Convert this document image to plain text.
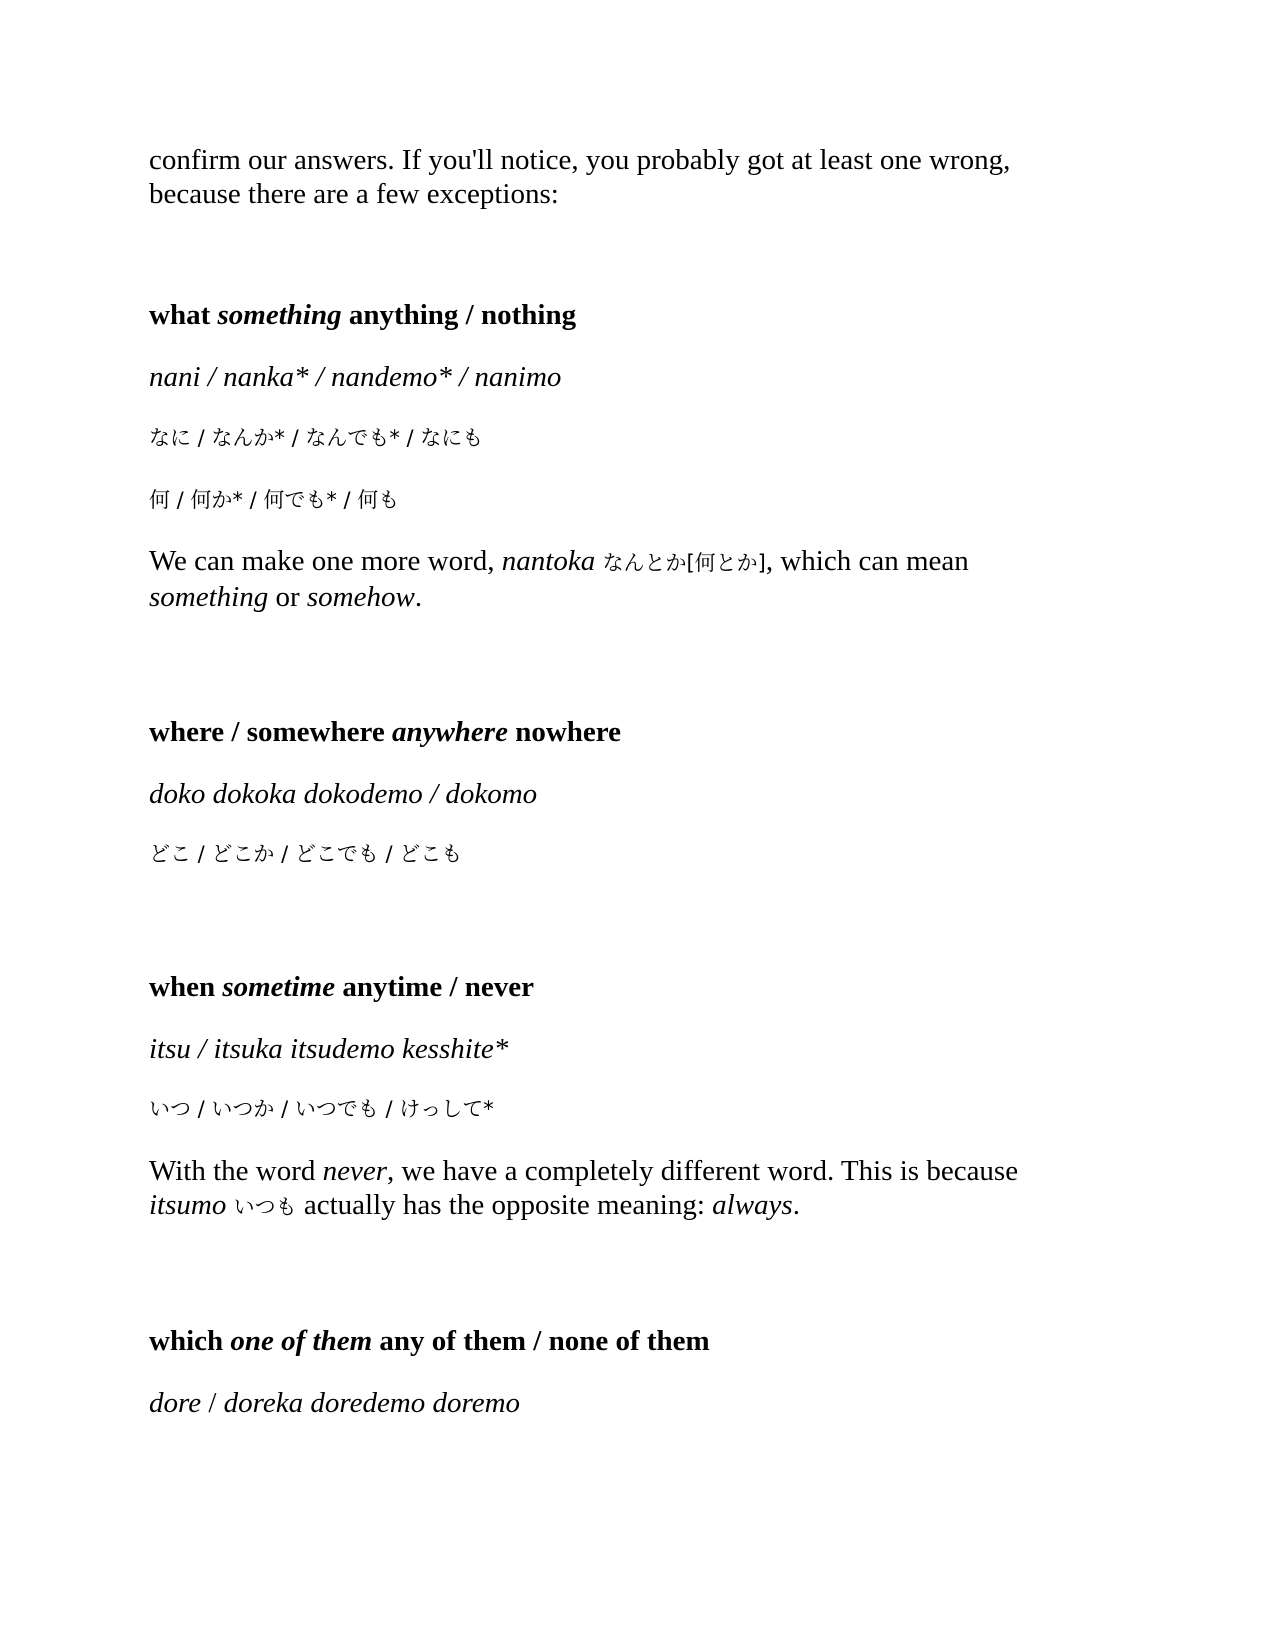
confirm our answers. If you'll notice, you probably got at least one wrong,
because there are a few exceptions:

what something anything / nothing

nani / nanka* / nandemo* / nanimo

なに / なんか* / なんでも* / なにも

何 / 何か* / 何でも* / 何も

We can make one more word, nantoka なんとか[何とか], which can mean
something or somehow.

where / somewhere anywhere nowhere

doko dokoka dokodemo / dokomo

どこ / どこか / どこでも / どこも

when sometime anytime / never

itsu / itsuka itsudemo kesshite*

いつ / いつか / いつでも / けっして*

With the word never, we have a completely different word. This is because
itsumo いつも actually has the opposite meaning: always.

which one of them any of them / none of them

dore / doreka doredemo doremo
